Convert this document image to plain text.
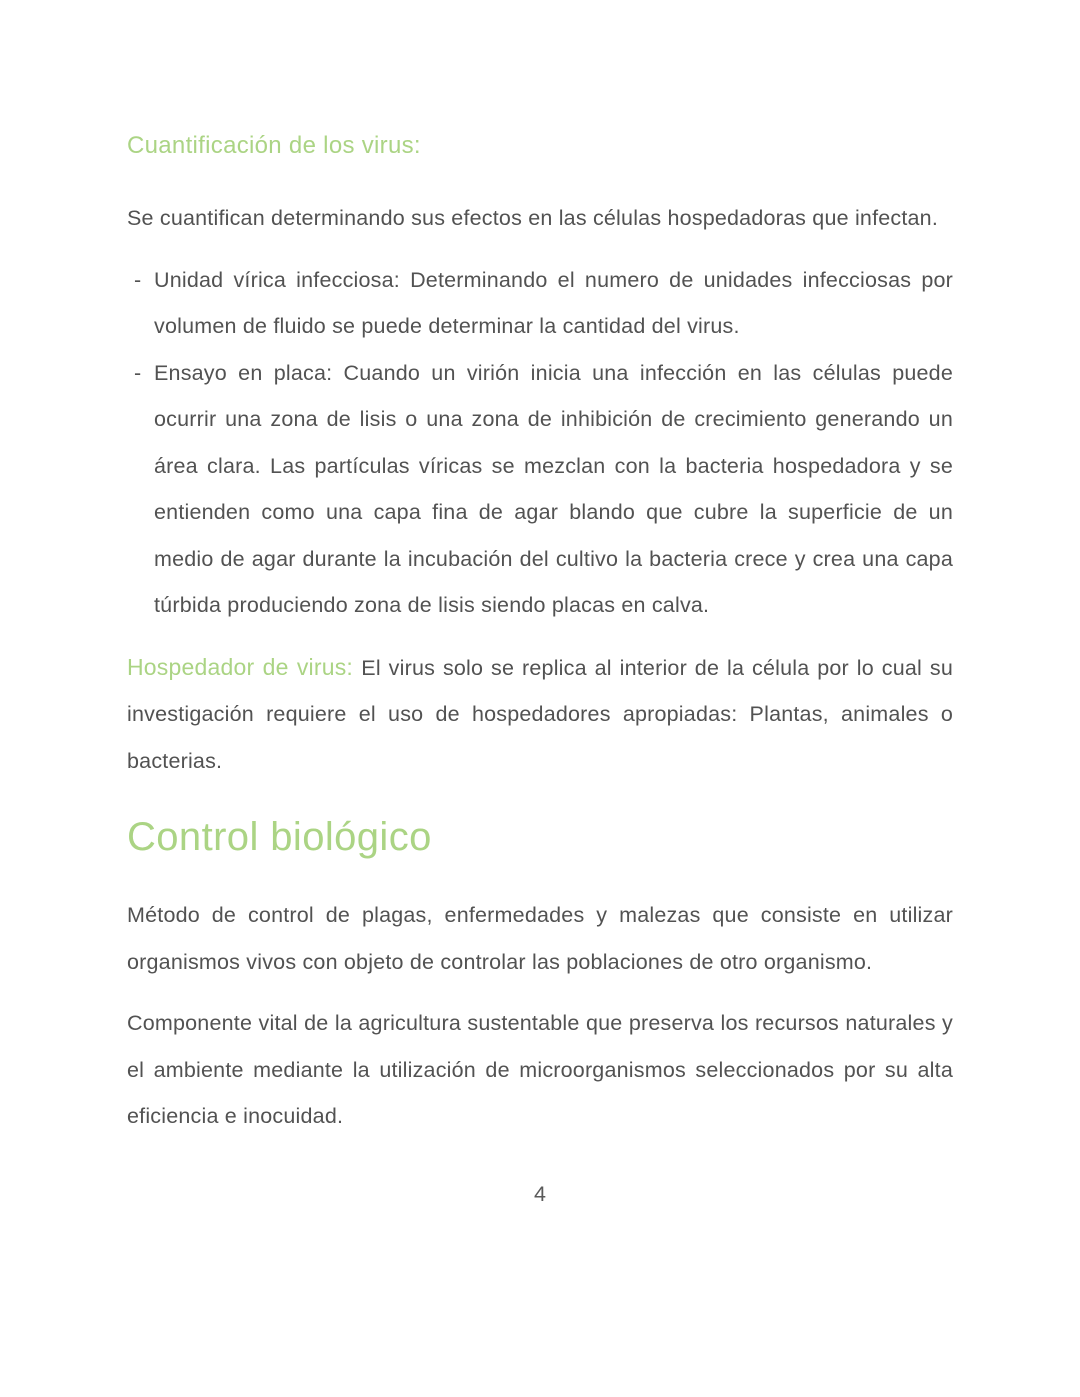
Cuantificación de los virus:

Se cuantifican determinando sus efectos en las células hospedadoras que infectan.

- Unidad vírica infecciosa: Determinando el numero de unidades infecciosas por volumen de fluido se puede determinar la cantidad del virus.
- Ensayo en placa: Cuando un virión inicia una infección en las células puede ocurrir una zona de lisis o una zona de inhibición de crecimiento generando un área clara. Las partículas víricas se mezclan con la bacteria hospedadora y se entienden como una capa fina de agar blando que cubre la superficie de un medio de agar durante la incubación del cultivo la bacteria crece y crea una capa túrbida produciendo zona de lisis siendo placas en calva.

Hospedador de virus: El virus solo se replica al interior de la célula por lo cual su investigación requiere el uso de hospedadores apropiadas: Plantas, animales o bacterias.

Control biológico

Método de control de plagas, enfermedades y malezas que consiste en utilizar organismos vivos con objeto de controlar las poblaciones de otro organismo.

Componente vital de la agricultura sustentable que preserva los recursos naturales y el ambiente mediante la utilización de microorganismos seleccionados por su alta eficiencia e inocuidad.

4
